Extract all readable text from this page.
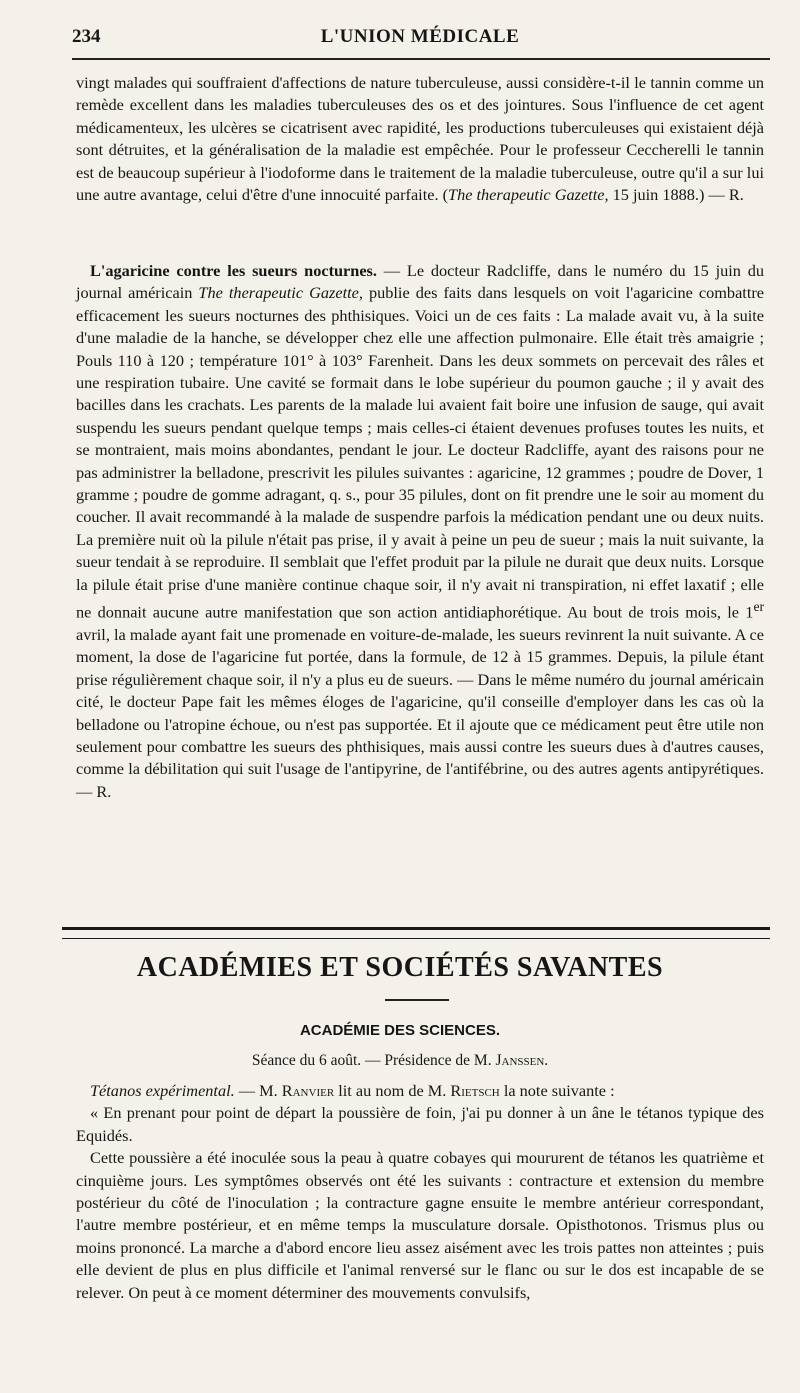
234	L'UNION MÉDICALE

vingt malades qui souffraient d'affections de nature tuberculeuse, aussi considère-t-il le tannin comme un remède excellent dans les maladies tuberculeuses des os et des jointures. Sous l'influence de cet agent médicamenteux, les ulcères se cicatrisent avec rapidité, les productions tuberculeuses qui existaient déjà sont détruites, et la généralisation de la maladie est empêchée. Pour le professeur Ceccherelli le tannin est de beaucoup supérieur à l'iodoforme dans le traitement de la maladie tuberculeuse, outre qu'il a sur lui une autre avantage, celui d'être d'une innocuité parfaite. (The therapeutic Gazette, 15 juin 1888.) — R.

L'agaricine contre les sueurs nocturnes. — Le docteur Radcliffe, dans le numéro du 15 juin du journal américain The therapeutic Gazette, publie des faits dans lesquels on voit l'agaricine combattre efficacement les sueurs nocturnes des phthisiques. Voici un de ces faits : La malade avait vu, à la suite d'une maladie de la hanche, se développer chez elle une affection pulmonaire. Elle était très amaigrie ; Pouls 110 à 120 ; température 101° à 103° Farenheit. Dans les deux sommets on percevait des râles et une respiration tubaire. Une cavité se formait dans le lobe supérieur du poumon gauche ; il y avait des bacilles dans les crachats. Les parents de la malade lui avaient fait boire une infusion de sauge, qui avait suspendu les sueurs pendant quelque temps ; mais celles-ci étaient devenues profuses toutes les nuits, et se montraient, mais moins abondantes, pendant le jour. Le docteur Radcliffe, ayant des raisons pour ne pas administrer la belladone, prescrivit les pilules suivantes : agaricine, 12 grammes ; poudre de Dover, 1 gramme ; poudre de gomme adragant, q. s., pour 35 pilules, dont on fit prendre une le soir au moment du coucher. Il avait recommandé à la malade de suspendre parfois la médication pendant une ou deux nuits. La première nuit où la pilule n'était pas prise, il y avait à peine un peu de sueur ; mais la nuit suivante, la sueur tendait à se reproduire. Il semblait que l'effet produit par la pilule ne durait que deux nuits. Lorsque la pilule était prise d'une manière continue chaque soir, il n'y avait ni transpiration, ni effet laxatif ; elle ne donnait aucune autre manifestation que son action antidiaphorétique. Au bout de trois mois, le 1er avril, la malade ayant fait une promenade en voiture-de-malade, les sueurs revinrent la nuit suivante. A ce moment, la dose de l'agaricine fut portée, dans la formule, de 12 à 15 grammes. Depuis, la pilule étant prise régulièrement chaque soir, il n'y a plus eu de sueurs. — Dans le même numéro du journal américain cité, le docteur Pape fait les mêmes éloges de l'agaricine, qu'il conseille d'employer dans les cas où la belladone ou l'atropine échoue, ou n'est pas supportée. Et il ajoute que ce médicament peut être utile non seulement pour combattre les sueurs des phthisiques, mais aussi contre les sueurs dues à d'autres causes, comme la débilitation qui suit l'usage de l'antipyrine, de l'antifébrine, ou des autres agents antipyrétiques. — R.

ACADÉMIES ET SOCIÉTÉS SAVANTES
ACADÉMIE DES SCIENCES.
Séance du 6 août. — Présidence de M. Janssen.

Tétanos expérimental. — M. Ranvier lit au nom de M. Rietsch la note suivante :

« En prenant pour point de départ la poussière de foin, j'ai pu donner à un âne le tétanos typique des Equidés.

Cette poussière a été inoculée sous la peau à quatre cobayes qui moururent de tétanos les quatrième et cinquième jours. Les symptômes observés ont été les suivants : contracture et extension du membre postérieur du côté de l'inoculation ; la contracture gagne ensuite le membre antérieur correspondant, l'autre membre postérieur, et en même temps la musculature dorsale. Opisthotonos. Trismus plus ou moins prononcé. La marche a d'abord encore lieu assez aisément avec les trois pattes non atteintes ; puis elle devient de plus en plus difficile et l'animal renversé sur le flanc ou sur le dos est incapable de se relever. On peut à ce moment déterminer des mouvements convulsifs,
